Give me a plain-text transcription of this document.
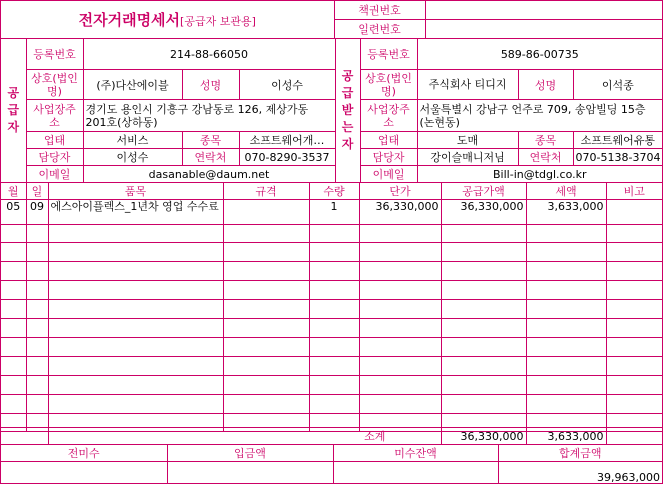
전자거래명세서[공급자 보관용]	책권번호	
	일련번호	
공급자	등록번호	214-88-66050			공급받는자	등록번호	589-86-00735		
	상호(법인명)	(주)다산에이블	성명	이성수		상호(법인명)	주식회사 티디지	성명	이석종
	사업장주소	경기도 용인시 기흥구 강남동로 126, 제상가동 201호(상하동)				사업장주소	서울특별시 강남구 언주로 709, 송암빌딩 15층 (논현동)		
	업태	서비스	종목	소프트웨어개…		업태	도매	종목	소프트웨어유통
	담당자	이성수	연락처	070-8290-3537		담당자	강이슬매니저님	연락처	070-5138-3704
	이메일	dasanable@daum.net				이메일	Bill-in@tdgl.co.kr		
월	일	품목	규격	수량	단가	공급가액	세액	비고
05	09	에스아이플렉스_1년차 영업 수수료		1	36,330,000	36,330,000	3,633,000	

			소계	36,330,000	3,633,000	
전미수	입금액	미수잔액	합계금액
			39,963,000
